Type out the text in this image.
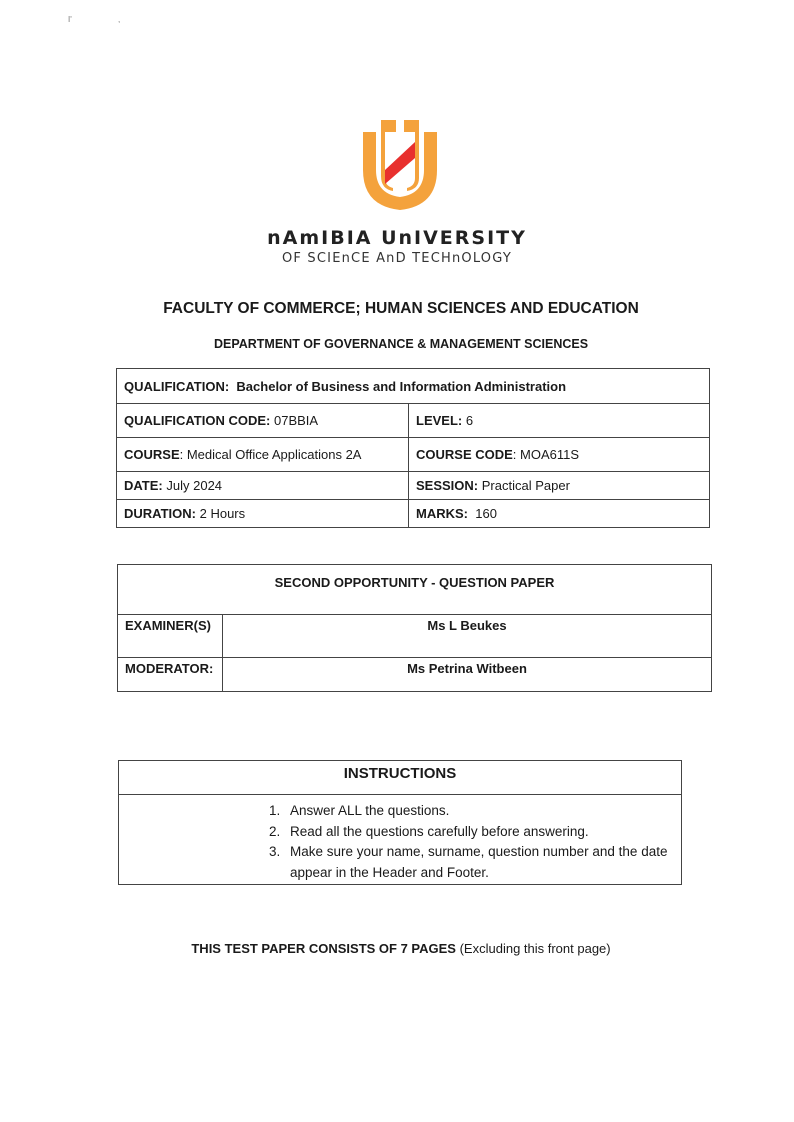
I'	,
nAmIBIA UnIVERSITY
OF SCIEnCE AnD TECHnOLOGY
FACULTY OF COMMERCE; HUMAN SCIENCES AND EDUCATION
DEPARTMENT OF GOVERNANCE & MANAGEMENT SCIENCES
QUALIFICATION: Bachelor of Business and Information Administration	
QUALIFICATION CODE: 07BBIA	LEVEL: 6
COURSE: Medical Office Applications 2A	COURSE CODE: MOA611S
DATE: July 2024	SESSION: Practical Paper
DURATION: 2 Hours	MARKS: 160
SECOND OPPORTUNITY - QUESTION PAPER	
EXAMINER(S)	Ms L Beukes
MODERATOR:	Ms Petrina Witbeen
INSTRUCTIONS
1. Answer ALL the questions.
2. Read all the questions carefully before answering.
3. Make sure your name, surname, question number and the date appear in the Header and Footer.
THIS TEST PAPER CONSISTS OF 7 PAGES (Excluding this front page)
